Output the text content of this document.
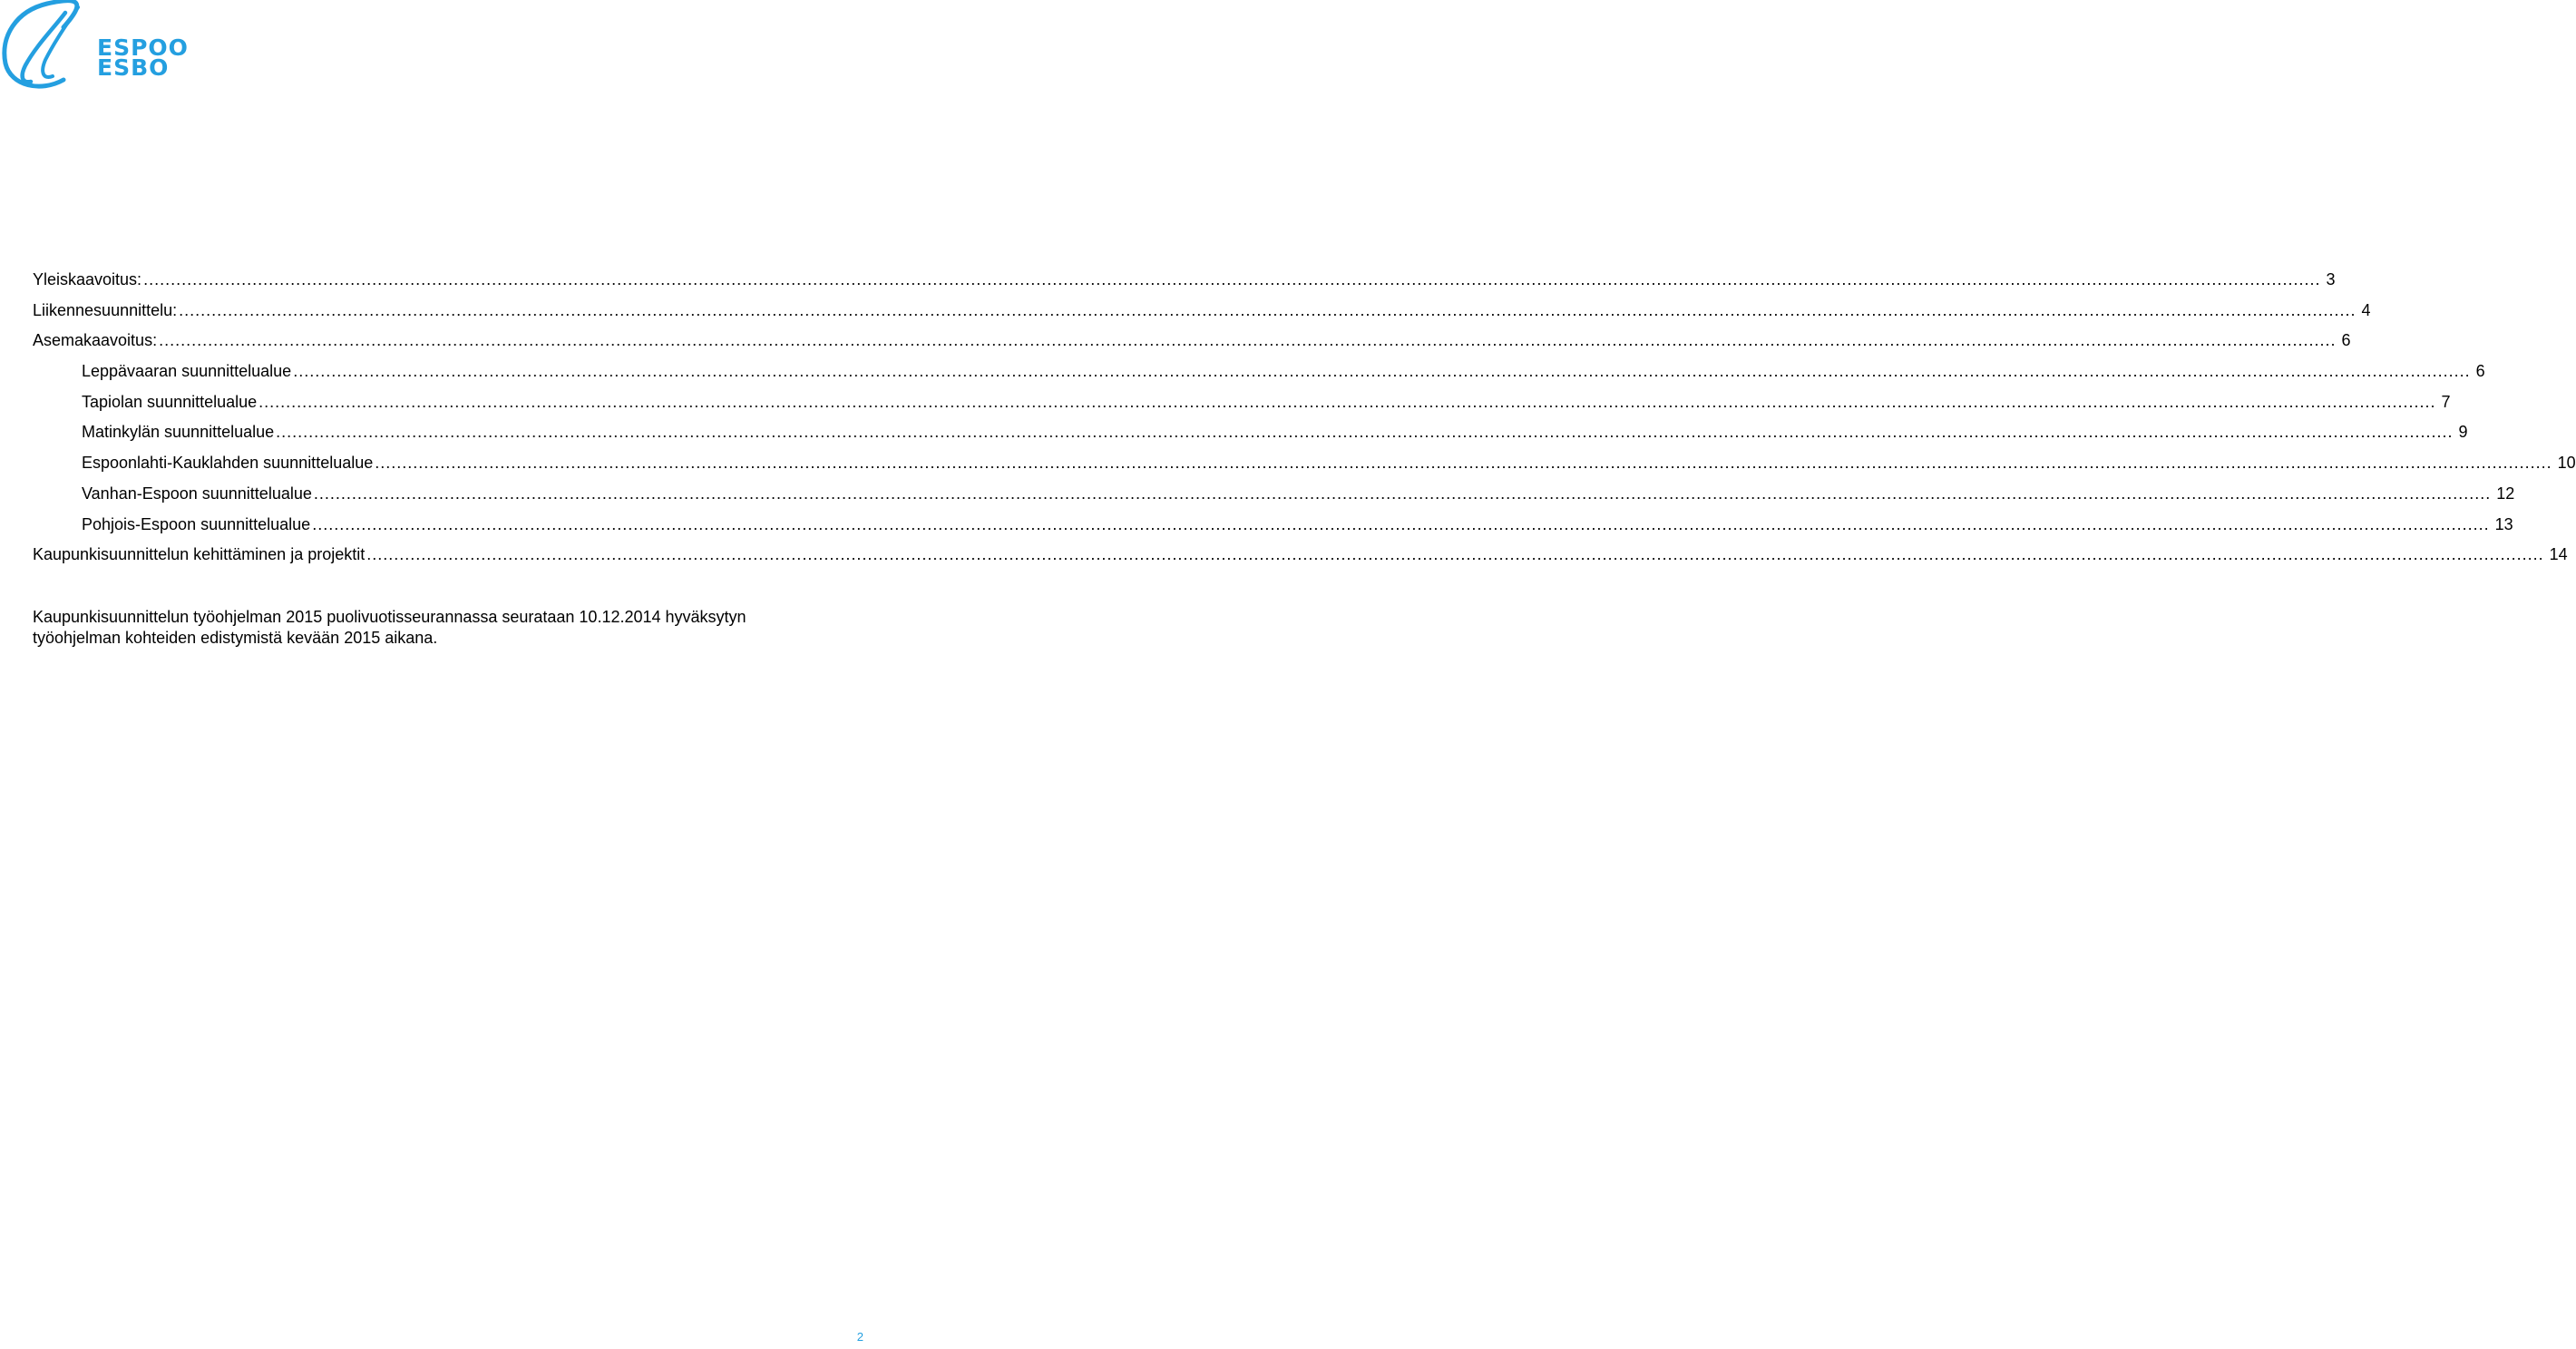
ESPOO
ESBO
Yleiskaavoitus: ................................................................................................................................................................................................................................................................................................................................................................................................................ 3
Liikennesuunnittelu: ................................................................................................................................................................................................................................................................................................................................................................................................................ 4
Asemakaavoitus: ................................................................................................................................................................................................................................................................................................................................................................................................................ 6
Leppävaaran suunnittelualue ................................................................................................................................................................................................................................................................................................................................................................................................................ 6
Tapiolan suunnittelualue ................................................................................................................................................................................................................................................................................................................................................................................................................ 7
Matinkylän suunnittelualue ................................................................................................................................................................................................................................................................................................................................................................................................................ 9
Espoonlahti-Kauklahden suunnittelualue ................................................................................................................................................................................................................................................................................................................................................................................................................ 10
Vanhan-Espoon suunnittelualue ................................................................................................................................................................................................................................................................................................................................................................................................................ 12
Pohjois-Espoon suunnittelualue ................................................................................................................................................................................................................................................................................................................................................................................................................ 13
Kaupunkisuunnittelun kehittäminen ja projektit ................................................................................................................................................................................................................................................................................................................................................................................................................ 14
Kaupunkisuunnittelun työohjelman 2015 puolivuotisseurannassa seurataan 10.12.2014 hyväksytyn
työohjelman kohteiden edistymistä kevään 2015 aikana.
2
